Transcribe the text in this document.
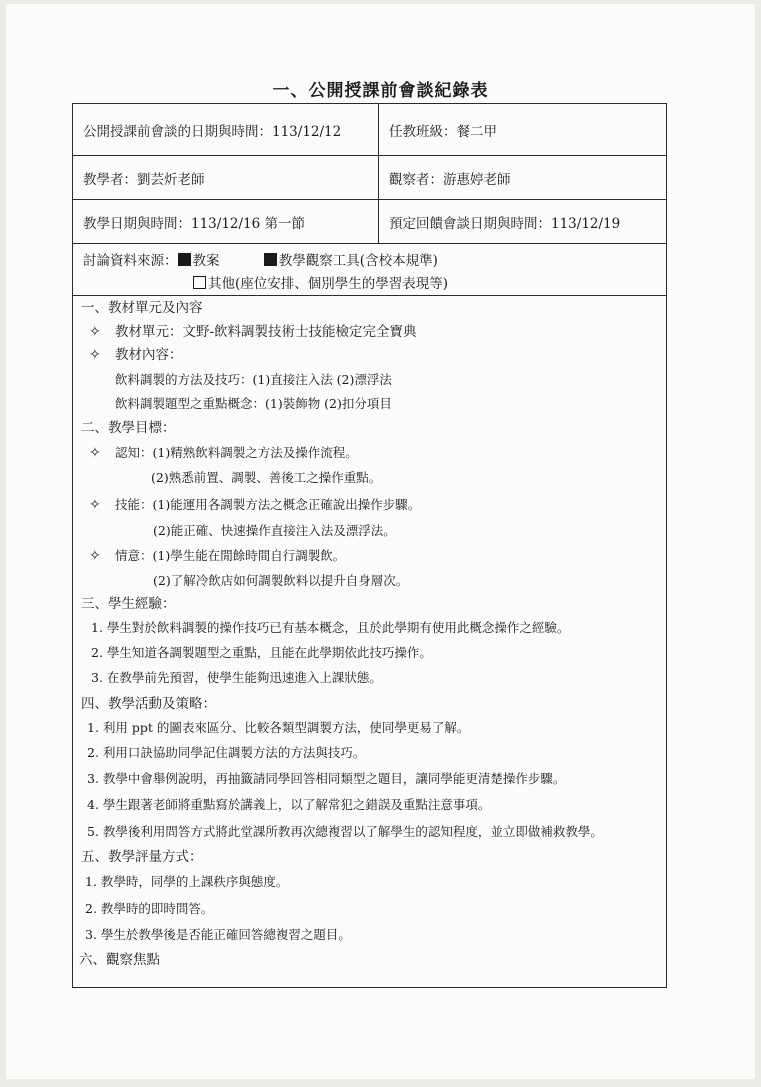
一、公開授課前會談紀錄表
公開授課前會談的日期與時間：113/12/12	任教班級：餐二甲
教學者：劉芸炘老師	觀察者：游惠婷老師
教學日期與時間：113/12/16 第一節	預定回饋會談日期與時間：113/12/19
討論資料來源： 教案	教學觀察工具(含校本規準)
其他(座位安排、個別學生的學習表現等)
一、教材單元及內容
✧ 教材單元：文野-飲料調製技術士技能檢定完全寶典
✧ 教材內容：
飲料調製的方法及技巧：(1)直接注入法 (2)漂浮法
飲料調製題型之重點概念：(1)裝飾物 (2)扣分項目
二、教學目標：
✧ 認知：(1)精熟飲料調製之方法及操作流程。
(2)熟悉前置、調製、善後工之操作重點。
✧ 技能：(1)能運用各調製方法之概念正確說出操作步驟。
(2)能正確、快速操作直接注入法及漂浮法。
✧ 情意：(1)學生能在閒餘時間自行調製飲。
(2)了解冷飲店如何調製飲料以提升自身層次。
三、學生經驗：
1. 學生對於飲料調製的操作技巧已有基本概念，且於此學期有使用此概念操作之經驗。
2. 學生知道各調製題型之重點，且能在此學期依此技巧操作。
3. 在教學前先預習，使學生能夠迅速進入上課狀態。
四、教學活動及策略：
1. 利用 ppt 的圖表來區分、比較各類型調製方法，使同學更易了解。
2. 利用口訣協助同學記住調製方法的方法與技巧。
3. 教學中會舉例說明，再抽籤請同學回答相同類型之題目，讓同學能更清楚操作步驟。
4. 學生跟著老師將重點寫於講義上，以了解常犯之錯誤及重點注意事項。
5. 教學後利用問答方式將此堂課所教再次總複習以了解學生的認知程度，並立即做補救教學。
五、教學評量方式：
1. 教學時，同學的上課秩序與態度。
2. 教學時的即時問答。
3. 學生於教學後是否能正確回答總複習之題目。
六、觀察焦點
